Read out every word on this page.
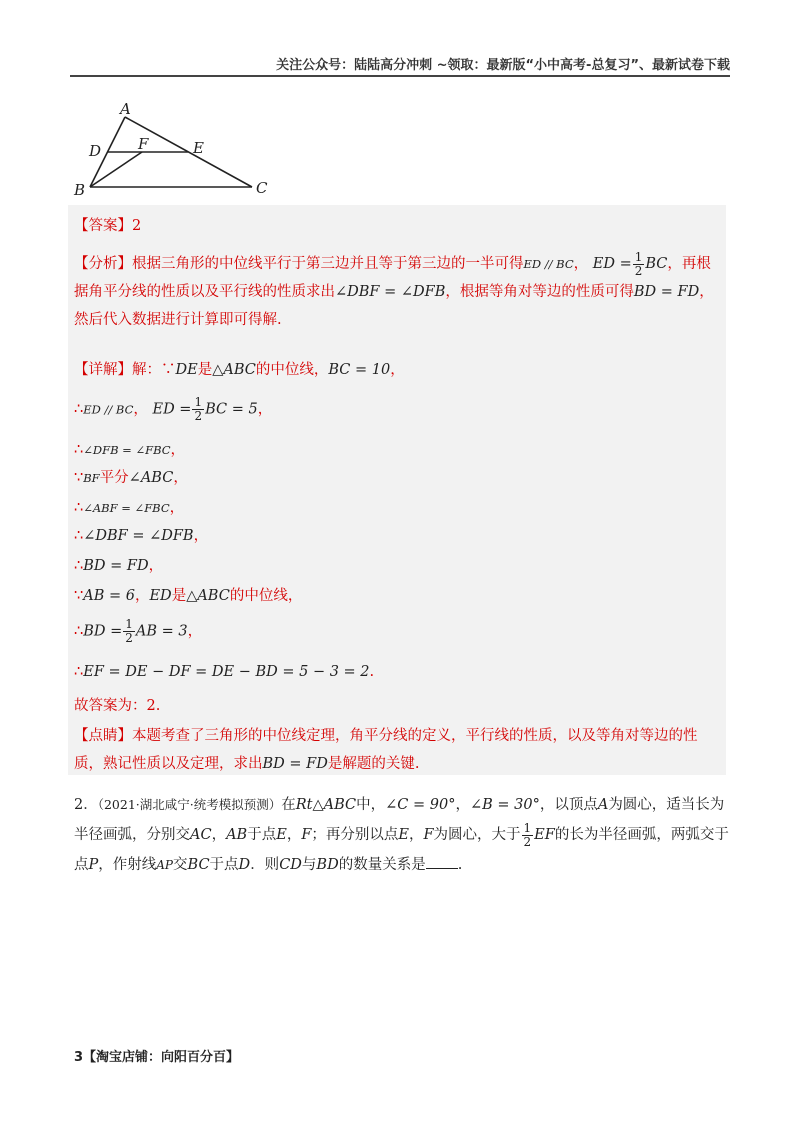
关注公众号：陆陆高分冲刺 ~领取：最新版“小中高考-总复习”、最新试卷下载
A
D F	E
B	C
【答案】2
【分析】根据三角形的中位线平行于第三边并且等于第三边的一半可得ED // BC， ED = $\frac{1}{2}$ BC，再根据角平分线的性质以及平行线的性质求出∠DBF = ∠DFB，根据等角对等边的性质可得BD = FD，然后代入数据进行计算即可得解.
【详解】解：∵DE是△ABC的中位线，BC = 10，
∴ED // BC， ED = $\frac{1}{2}$ BC = 5，
∴∠DFB = ∠FBC，
∵BF平分∠ABC，
∴∠ABF = ∠FBC，
∴∠DBF = ∠DFB，
∴BD = FD，
∵AB = 6，ED是△ABC的中位线，
∴BD = $\frac{1}{2}$ AB = 3，
∴EF = DE − DF = DE − BD = 5 − 3 = 2.
故答案为：2.
【点睛】本题考查了三角形的中位线定理，角平分线的定义，平行线的性质，以及等角对等边的性质，熟记性质以及定理，求出BD = FD是解题的关键.
2．（2021·湖北咸宁·统考模拟预测）在Rt△ABC中，∠C = 90°，∠B = 30°，以顶点A为圆心，适当长为半径画弧，分别交AC，AB于点E，F；再分别以点E，F为圆心，大于 $\frac{1}{2}$ EF的长为半径画弧，两弧交于点P，作射线AP交BC于点D．则CD与BD的数量关系是 .
3【淘宝店铺：向阳百分百】
